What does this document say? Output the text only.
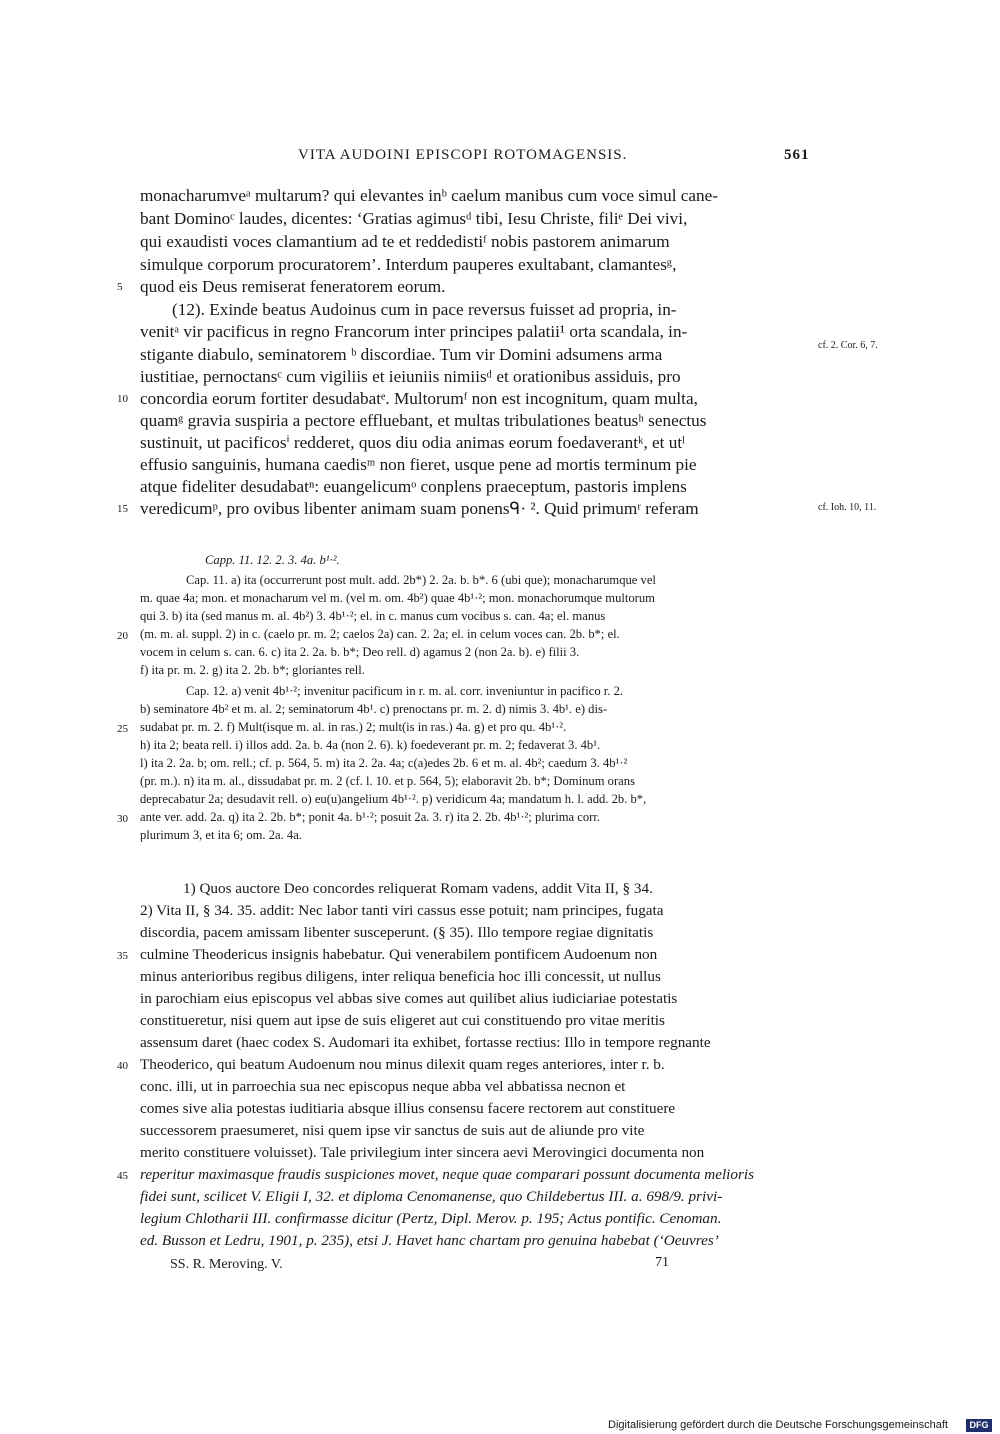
VITA AUDOINI EPISCOPI ROTOMAGENSIS.	561
monacharumveᵃ multarum? qui elevantes inᵇ caelum manibus cum voce simul cane-
bant Dominoᶜ laudes, dicentes: ‘Gratias agimusᵈ tibi, Iesu Christe, filiᵉ Dei vivi,
qui exaudisti voces clamantium ad te et reddedistiᶠ nobis pastorem animarum
simulque corporum procuratorem’. Interdum pauperes exultabant, clamantesᵍ,
quod eis Deus remiserat feneratorem eorum.
(12). Exinde beatus Audoinus cum in pace reversus fuisset ad propria, in-
venitᵃ vir pacificus in regno Francorum inter principes palatii¹ orta scandala, in-
stigante diabulo, seminatorem ᵇ discordiae. Tum vir Domini adsumens arma
iustitiae, pernoctansᶜ cum vigiliis et ieiuniis nimiisᵈ et orationibus assiduis, pro
concordia eorum fortiter desudabatᵉ. Multorumᶠ non est incognitum, quam multa,
quamᵍ gravia suspiria a pectore effluebant, et multas tribulationes beatusʰ senectus
sustinuit, ut pacificosⁱ redderet, quos diu odia animas eorum foedaverantᵏ, et utˡ
effusio sanguinis, humana caedisᵐ non fieret, usque pene ad mortis terminum pie
atque fideliter desudabatⁿ: euangelicumᵒ conplens praeceptum, pastoris implens
veredicumᵖ, pro ovibus libenter animam suam ponensᑫ· ². Quid primumʳ referam
5
10
15
cf. 2. Cor. 6, 7.
cf. Ioh. 10, 11.
Capp. 11. 12. 2. 3. 4a. b¹·².
Cap. 11. a) ita (occurrerunt post mult. add. 2b*) 2. 2a. b. b*. 6 (ubi que); monacharumque vel
m. quae 4a; mon. et monacharum vel m. (vel m. om. 4b²) quae 4b¹·²; mon. monachorumque multorum
qui 3. b) ita (sed manus m. al. 4b²) 3. 4b¹·²; el. in c. manus cum vocibus s. can. 4a; el. manus
(m. m. al. suppl. 2) in c. (caelo pr. m. 2; caelos 2a) can. 2. 2a; el. in celum voces can. 2b. b*; el.
vocem in celum s. can. 6. c) ita 2. 2a. b. b*; Deo rell. d) agamus 2 (non 2a. b). e) filii 3.
f) ita pr. m. 2. g) ita 2. 2b. b*; gloriantes rell.
Cap. 12. a) venit 4b¹·²; invenitur pacificum in r. m. al. corr. inveniuntur in pacifico r. 2.
b) seminatore 4b² et m. al. 2; seminatorum 4b¹. c) prenoctans pr. m. 2. d) nimis 3. 4b¹. e) dis-
sudabat pr. m. 2. f) Mult(isque m. al. in ras.) 2; mult(is in ras.) 4a. g) et pro qu. 4b¹·².
h) ita 2; beata rell. i) illos add. 2a. b. 4a (non 2. 6). k) foedeverant pr. m. 2; fedaverat 3. 4b¹.
l) ita 2. 2a. b; om. rell.; cf. p. 564, 5. m) ita 2. 2a. 4a; c(a)edes 2b. 6 et m. al. 4b²; caedum 3. 4b¹·²
(pr. m.). n) ita m. al., dissudabat pr. m. 2 (cf. l. 10. et p. 564, 5); elaboravit 2b. b*; Dominum orans
deprecabatur 2a; desudavit rell. o) eu(u)angelium 4b¹·². p) veridicum 4a; mandatum h. l. add. 2b. b*,
ante ver. add. 2a. q) ita 2. 2b. b*; ponit 4a. b¹·²; posuit 2a. 3. r) ita 2. 2b. 4b¹·²; plurima corr.
plurimum 3, et ita 6; om. 2a. 4a.
20
25
30
1) Quos auctore Deo concordes reliquerat Romam vadens, addit Vita II, § 34.
2) Vita II, § 34. 35. addit: Nec labor tanti viri cassus esse potuit; nam principes, fugata
discordia, pacem amissam libenter susceperunt. (§ 35). Illo tempore regiae dignitatis
culmine Theodericus insignis habebatur. Qui venerabilem pontificem Audoenum non
minus anterioribus regibus diligens, inter reliqua beneficia hoc illi concessit, ut nullus
in parochiam eius episcopus vel abbas sive comes aut quilibet alius iudiciariae potestatis
constitueretur, nisi quem aut ipse de suis eligeret aut cui constituendo pro vitae meritis
assensum daret (haec codex S. Audomari ita exhibet, fortasse rectius: Illo in tempore regnante
Theoderico, qui beatum Audoenum nou minus dilexit quam reges anteriores, inter r. b.
conc. illi, ut in parroechia sua nec episcopus neque abba vel abbatissa necnon et
comes sive alia potestas iuditiaria absque illius consensu facere rectorem aut constituere
successorem praesumeret, nisi quem ipse vir sanctus de suis aut de aliunde pro vite
merito constituere voluisset). Tale privilegium inter sincera aevi Merovingici documenta non
reperitur maximasque fraudis suspiciones movet, neque quae comparari possunt documenta melioris
fidei sunt, scilicet V. Eligii I, 32. et diploma Cenomanense, quo Childebertus III. a. 698/9. privi-
legium Chlotharii III. confirmasse dicitur (Pertz, Dipl. Merov. p. 195; Actus pontific. Cenoman.
ed. Busson et Ledru, 1901, p. 235), etsi J. Havet hanc chartam pro genuina habebat (‘Oeuvres’
35
40
45
SS. R. Meroving. V.	71
Digitalisierung gefördert durch die Deutsche Forschungsgemeinschaft	DFG
